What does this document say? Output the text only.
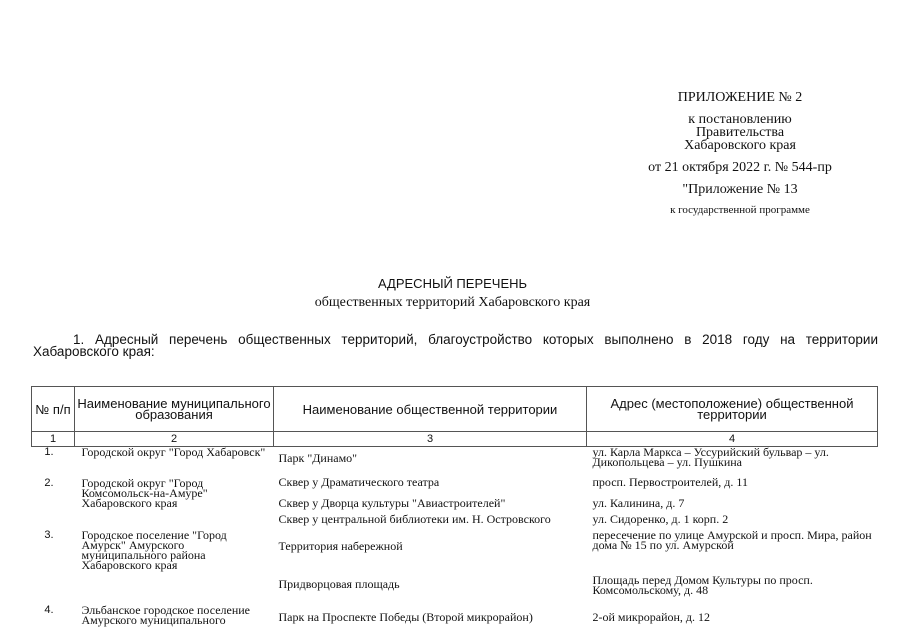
ПРИЛОЖЕНИЕ № 2
к постановлению
Правительства
Хабаровского края
от 21 октября 2022 г. № 544-пр
"Приложение № 13
к государственной программе
АДРЕСНЫЙ ПЕРЕЧЕНЬ
общественных территорий Хабаровского края
1. Адресный перечень общественных территорий, благоустройство которых выполнено в 2018 году на территории Хабаровского края:
№ п/п	Наименование муниципального образования	Наименование общественной территории	Адрес (местоположение) общественной территории
1	2	3	4
1.	Городской округ "Город Хабаровск"	Парк "Динамо"	ул. Карла Маркса – Уссурийский бульвар – ул. Дикопольцева – ул. Пушкина
2.	Городской округ "Город Комсомольск-на-Амуре" Хабаровского края	Сквер у Драматического театра	просп. Первостроителей, д. 11
		Сквер у Дворца культуры "Авиастроителей"	ул. Калинина, д. 7
		Сквер у центральной библиотеки им. Н. Островского	ул. Сидоренко, д. 1 корп. 2
3.	Городское поселение "Город Амурск" Амурского муниципального района Хабаровского края	Территория набережной	пересечение по улице Амурской и просп. Мира, район дома № 15 по ул. Амурской
		Придворцовая площадь	Площадь перед Домом Культуры по просп. Комсомольскому, д. 48
4.	Эльбанское городское поселение Амурского муниципального	Парк на Проспекте Победы (Второй микрорайон)	2-ой микрорайон, д. 12
